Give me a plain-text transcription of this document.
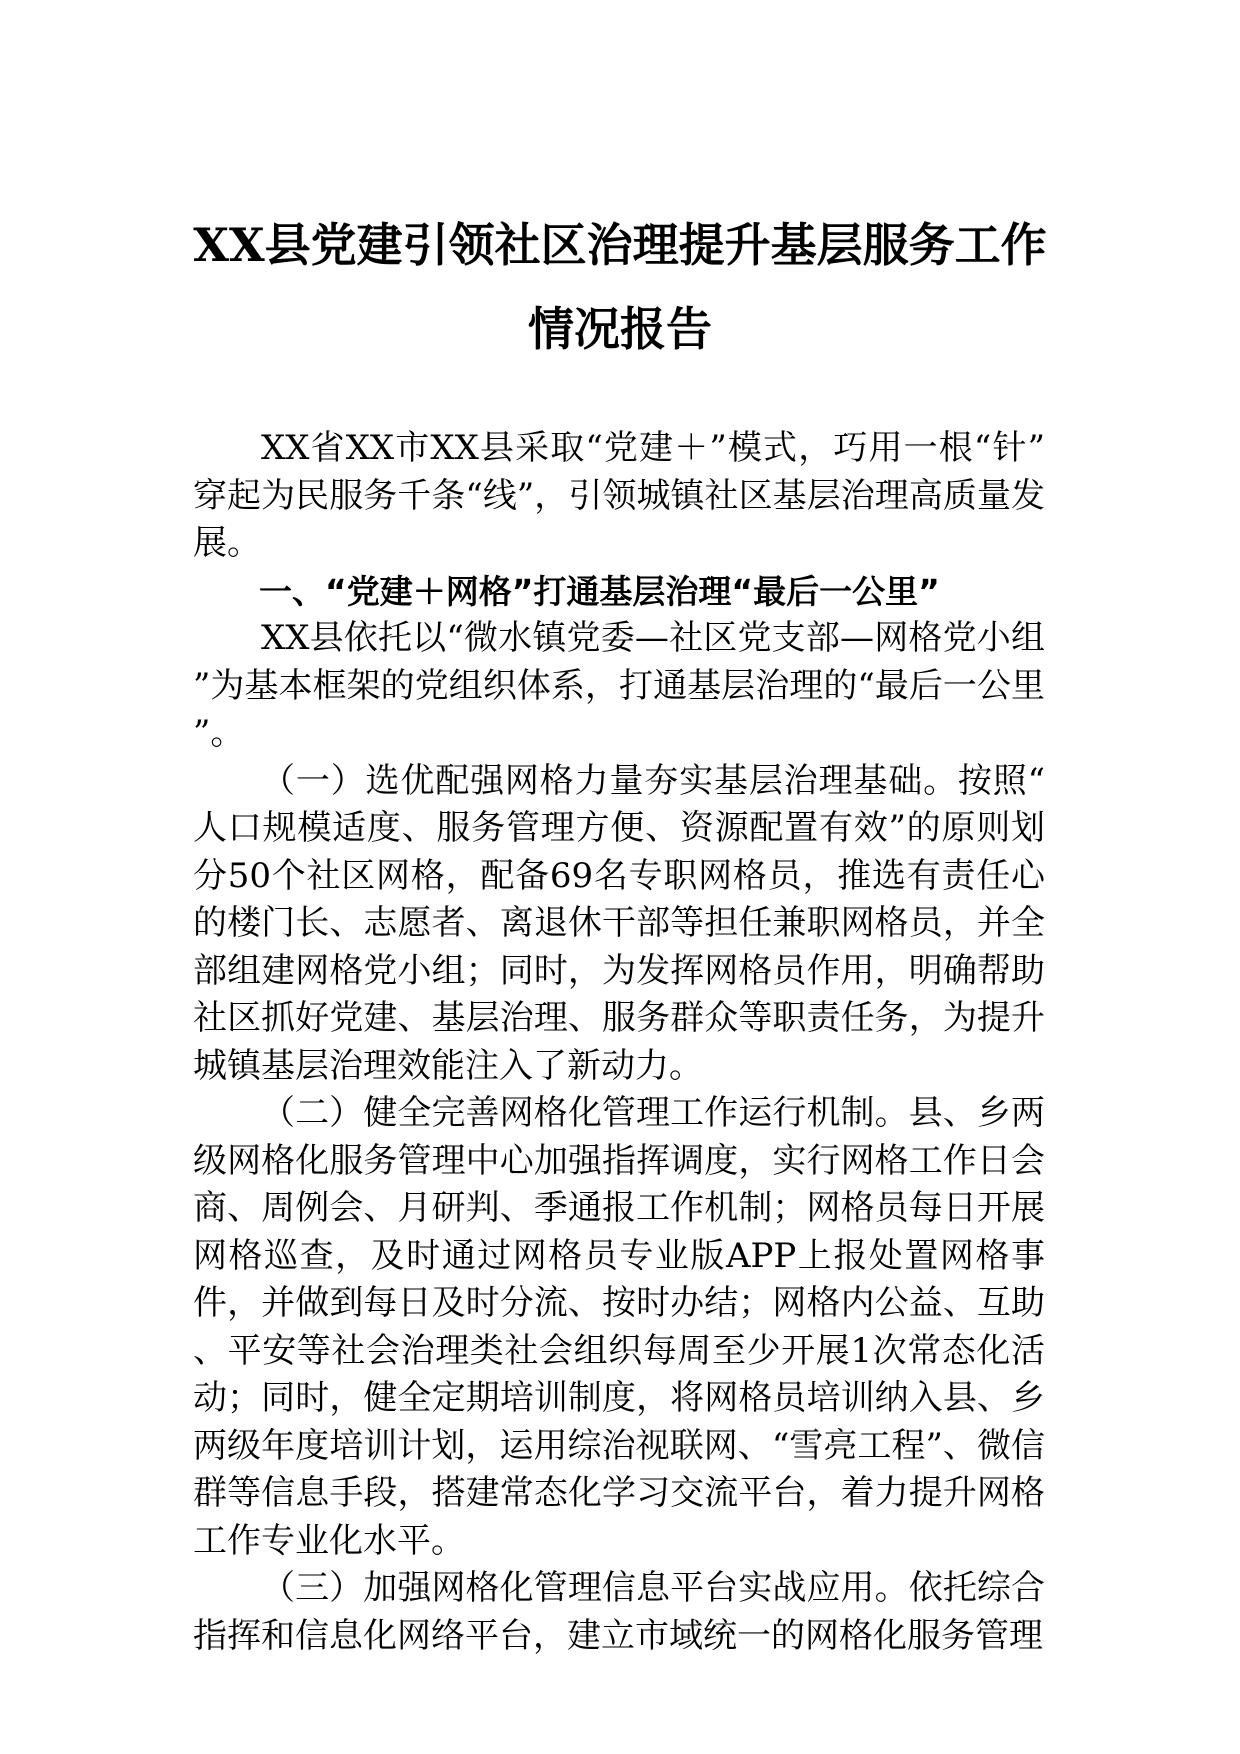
XX县党建引领社区治理提升基层服务工作
情况报告

XX省XX市XX县采取“党建＋”模式，巧用一根“针”穿起为民服务千条“线”，引领城镇社区基层治理高质量发展。

一、“党建＋网格”打通基层治理“最后一公里”

XX县依托以“微水镇党委—社区党支部—网格党小组”为基本框架的党组织体系，打通基层治理的“最后一公里”。

（一）选优配强网格力量夯实基层治理基础。按照“人口规模适度、服务管理方便、资源配置有效”的原则划分50个社区网格，配备69名专职网格员，推选有责任心的楼门长、志愿者、离退休干部等担任兼职网格员，并全部组建网格党小组；同时，为发挥网格员作用，明确帮助社区抓好党建、基层治理、服务群众等职责任务，为提升城镇基层治理效能注入了新动力。

（二）健全完善网格化管理工作运行机制。县、乡两级网格化服务管理中心加强指挥调度，实行网格工作日会商、周例会、月研判、季通报工作机制；网格员每日开展网格巡查，及时通过网格员专业版APP上报处置网格事件，并做到每日及时分流、按时办结；网格内公益、互助、平安等社会治理类社会组织每周至少开展1次常态化活动；同时，健全定期培训制度，将网格员培训纳入县、乡两级年度培训计划，运用综治视联网、“雪亮工程”、微信群等信息手段，搭建常态化学习交流平台，着力提升网格工作专业化水平。

（三）加强网格化管理信息平台实战应用。依托综合指挥和信息化网络平台，建立市域统一的网格化服务管理
